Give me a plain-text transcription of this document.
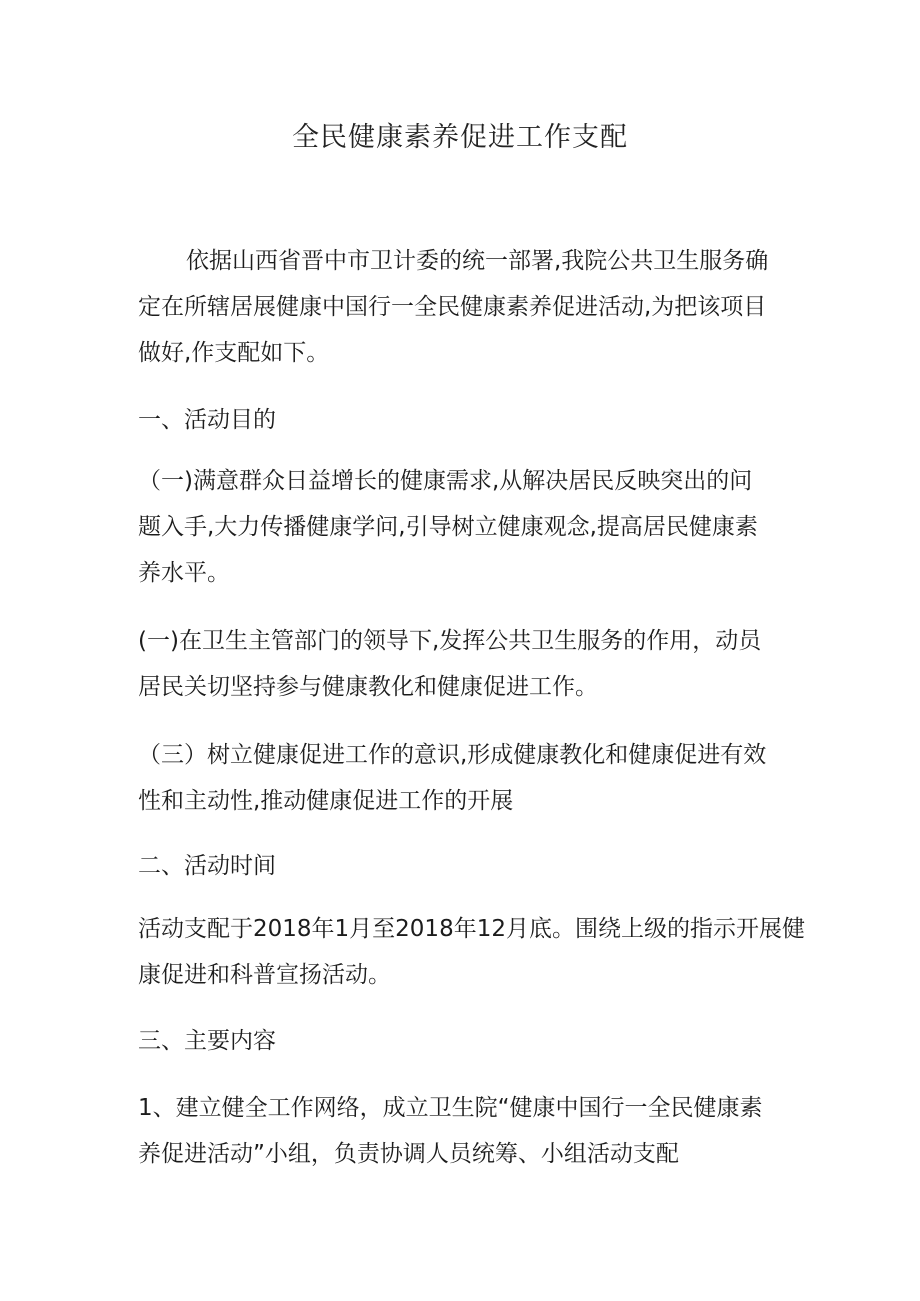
全民健康素养促进工作支配
依据山西省晋中市卫计委的统一部署,我院公共卫生服务确
定在所辖居展健康中国行一全民健康素养促进活动,为把该项目
做好,作支配如下。
一、活动目的
（一)满意群众日益增长的健康需求,从解决居民反映突出的问
题入手,大力传播健康学问,引导树立健康观念,提高居民健康素
养水平。
(一)在卫生主管部门的领导下,发挥公共卫生服务的作用，动员
居民关切坚持参与健康教化和健康促进工作。
（三）树立健康促进工作的意识,形成健康教化和健康促进有效
性和主动性,推动健康促进工作的开展
二、活动时间
活动支配于2018年1月至2018年12月底。围绕上级的指示开展健
康促进和科普宣扬活动。
三、主要内容
1、建立健全工作网络，成立卫生院“健康中国行一全民健康素
养促进活动”小组，负责协调人员统筹、小组活动支配
